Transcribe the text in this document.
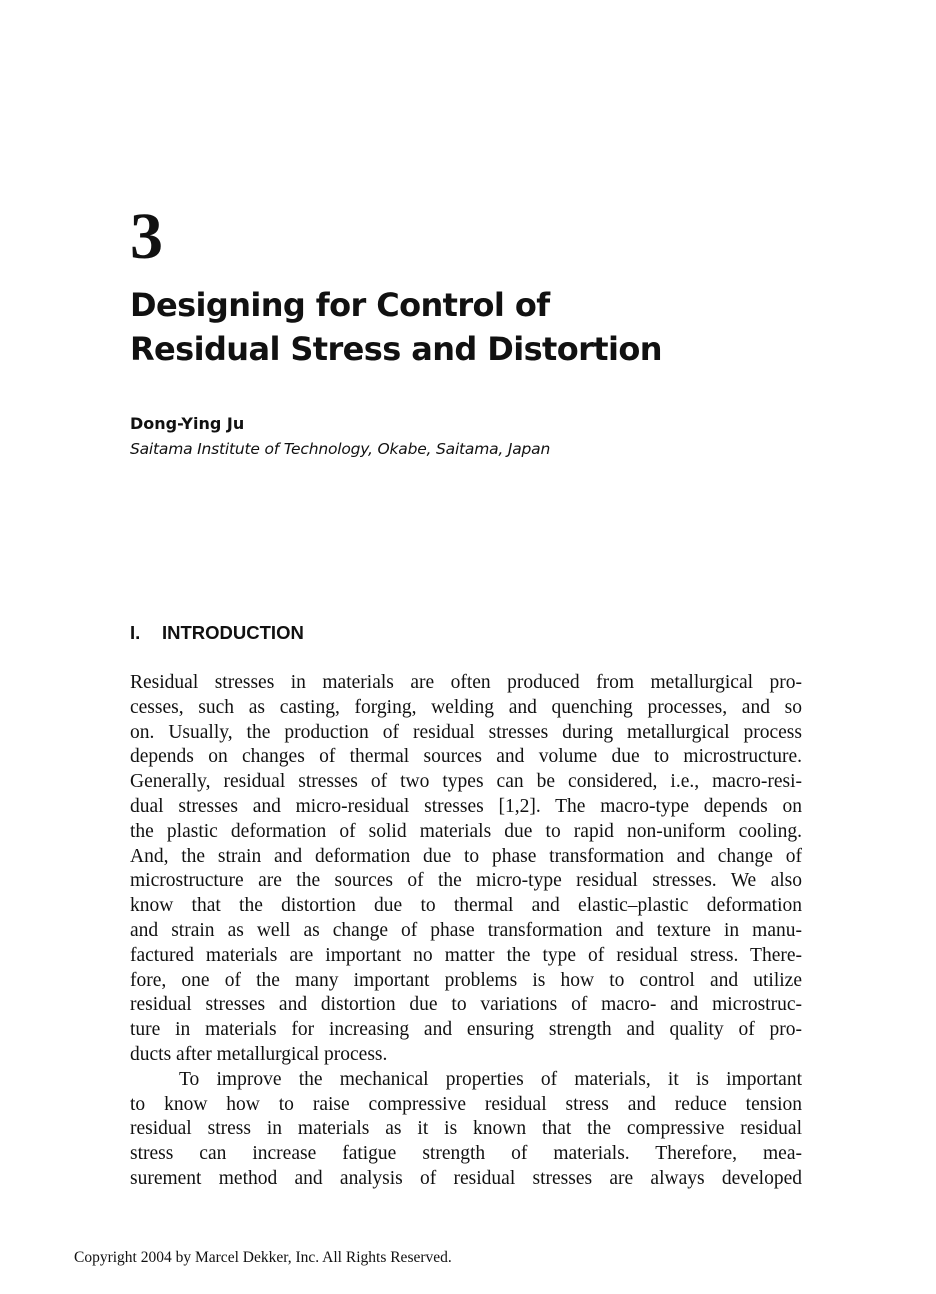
3
Designing for Control of
Residual Stress and Distortion

Dong-Ying Ju

Saitama Institute of Technology, Okabe, Saitama, Japan

I. INTRODUCTION
Residual stresses in materials are often produced from metallurgical pro-
cesses, such as casting, forging, welding and quenching processes, and so
on. Usually, the production of residual stresses during metallurgical process
depends on changes of thermal sources and volume due to microstructure.
Generally, residual stresses of two types can be considered, i.e., macro-resi-
dual stresses and micro-residual stresses [1,2]. The macro-type depends on
the plastic deformation of solid materials due to rapid non-uniform cooling.
And, the strain and deformation due to phase transformation and change of
microstructure are the sources of the micro-type residual stresses. We also
know that the distortion due to thermal and elastic–plastic deformation
and strain as well as change of phase transformation and texture in manu-
factured materials are important no matter the type of residual stress. There-
fore, one of the many important problems is how to control and utilize
residual stresses and distortion due to variations of macro- and microstruc-
ture in materials for increasing and ensuring strength and quality of pro-
ducts after metallurgical process.
To improve the mechanical properties of materials, it is important
to know how to raise compressive residual stress and reduce tension
residual stress in materials as it is known that the compressive residual
stress can increase fatigue strength of materials. Therefore, mea-
surement method and analysis of residual stresses are always developed

Copyright 2004 by Marcel Dekker, Inc. All Rights Reserved.
